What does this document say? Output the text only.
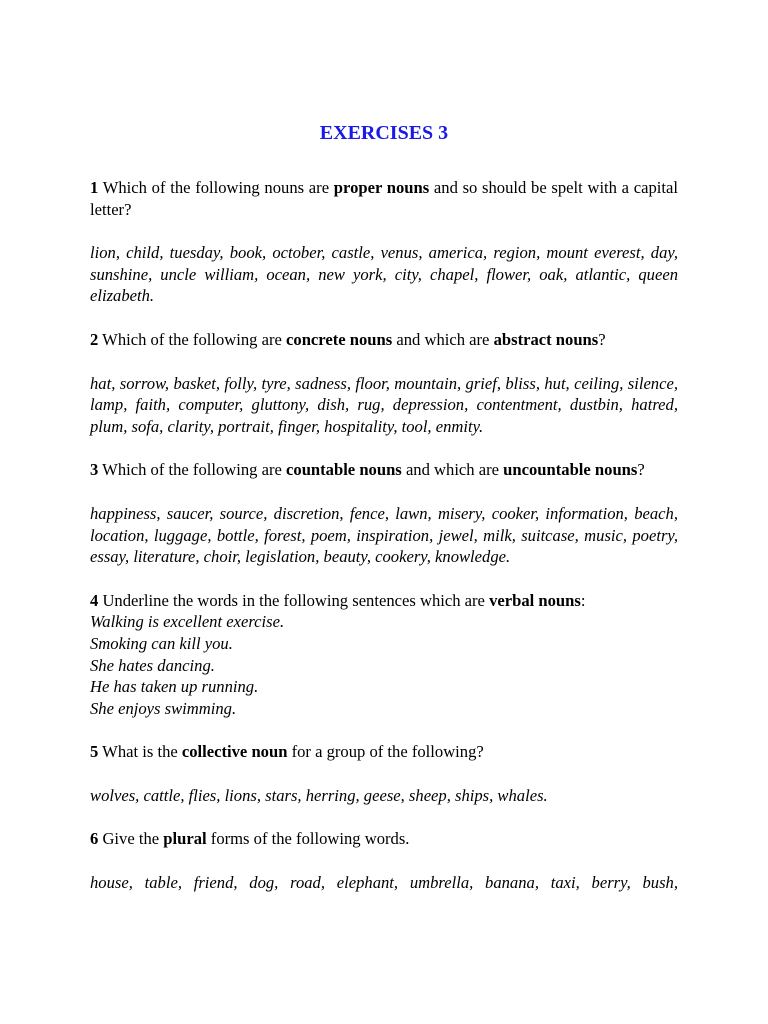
EXERCISES 3

1 Which of the following nouns are proper nouns and so should be spelt with a capital letter?

lion, child, tuesday, book, october, castle, venus, america, region, mount everest, day, sunshine, uncle william, ocean, new york, city, chapel, flower, oak, atlantic, queen elizabeth.

2 Which of the following are concrete nouns and which are abstract nouns?

hat, sorrow, basket, folly, tyre, sadness, floor, mountain, grief, bliss, hut, ceiling, silence, lamp, faith, computer, gluttony, dish, rug, depression, contentment, dustbin, hatred, plum, sofa, clarity, portrait, finger, hospitality, tool, enmity.

3 Which of the following are countable nouns and which are uncountable nouns?

happiness, saucer, source, discretion, fence, lawn, misery, cooker, information, beach, location, luggage, bottle, forest, poem, inspiration, jewel, milk, suitcase, music, poetry, essay, literature, choir, legislation, beauty, cookery, knowledge.

4 Underline the words in the following sentences which are verbal nouns:

Walking is excellent exercise.

Smoking can kill you.

She hates dancing.

He has taken up running.

She enjoys swimming.

5 What is the collective noun for a group of the following?

wolves, cattle, flies, lions, stars, herring, geese, sheep, ships, whales.

6 Give the plural forms of the following words.

house, table, friend, dog, road, elephant, umbrella, banana, taxi, berry, bush,
